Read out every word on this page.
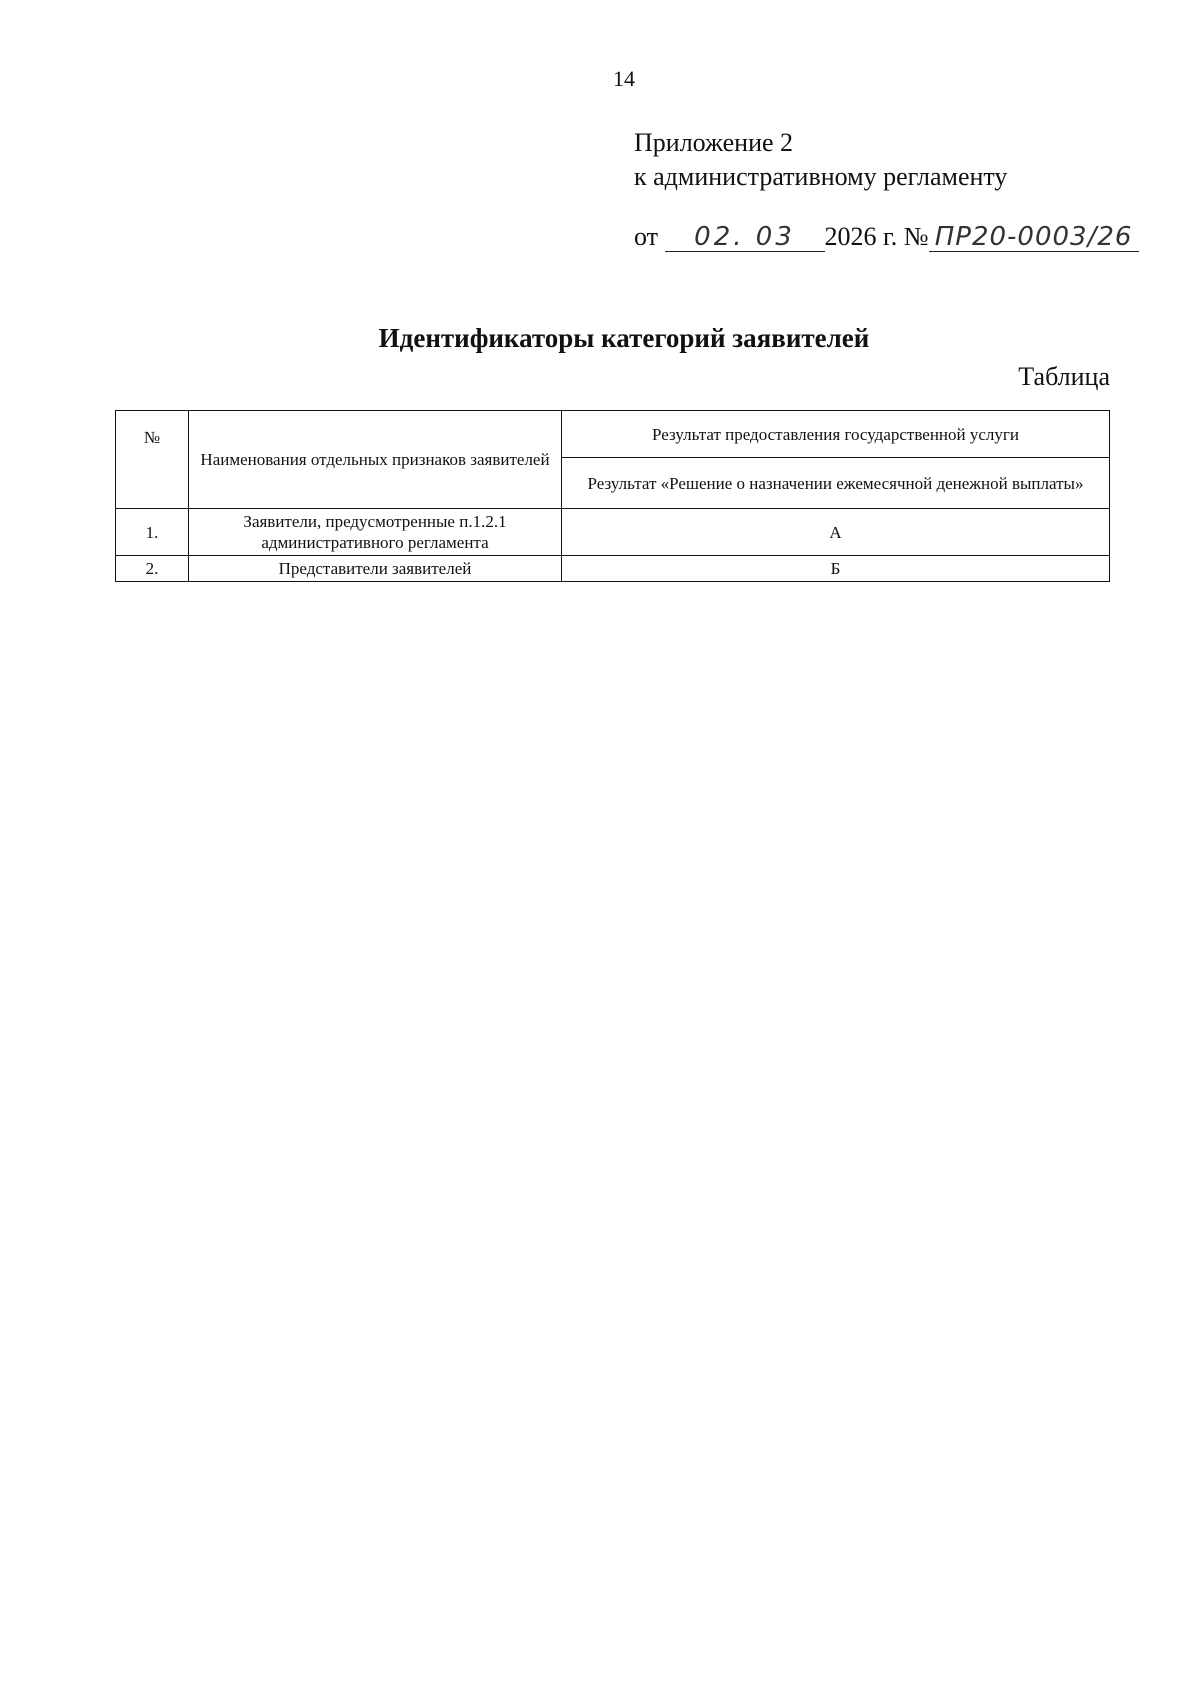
14
Приложение 2
к административному регламенту
от 02. 03 2026 г. № ПР20-0003/26
Идентификаторы категорий заявителей
Таблица
№	Наименования отдельных признаков заявителей	Результат предоставления государственной услуги
		Результат «Решение о назначении ежемесячной денежной выплаты»
1.	Заявители, предусмотренные п.1.2.1 административного регламента	А
2.	Представители заявителей	Б
